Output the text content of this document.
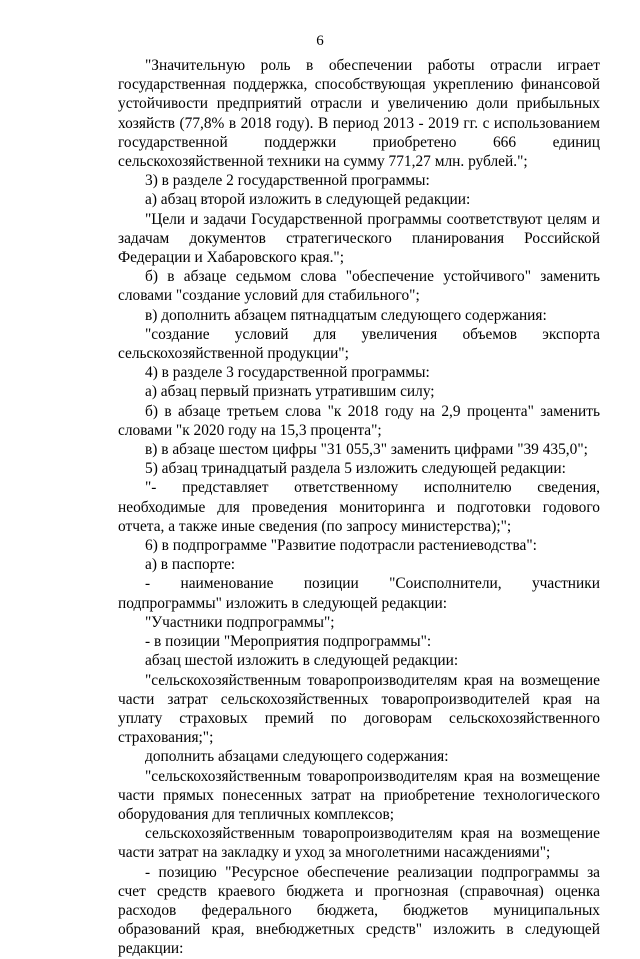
6

"Значительную роль в обеспечении работы отрасли играет государственная поддержка, способствующая укреплению финансовой устойчивости предприятий отрасли и увеличению доли прибыльных хозяйств (77,8% в 2018 году). В период 2013 - 2019 гг. с использованием государственной поддержки приобретено 666 единиц сельскохозяйственной техники на сумму 771,27 млн. рублей.";

3) в разделе 2 государственной программы:

а) абзац второй изложить в следующей редакции:

"Цели и задачи Государственной программы соответствуют целям и задачам документов стратегического планирования Российской Федерации и Хабаровского края.";

б) в абзаце седьмом слова "обеспечение устойчивого" заменить словами "создание условий для стабильного";

в) дополнить абзацем пятнадцатым следующего содержания:

"создание условий для увеличения объемов экспорта сельскохозяйственной продукции";

4) в разделе 3 государственной программы:

а) абзац первый признать утратившим силу;

б) в абзаце третьем слова "к 2018 году на 2,9 процента" заменить словами "к 2020 году на 15,3 процента";

в) в абзаце шестом цифры "31 055,3" заменить цифрами "39 435,0";

5) абзац тринадцатый раздела 5 изложить следующей редакции:

"- представляет ответственному исполнителю сведения, необходимые для проведения мониторинга и подготовки годового отчета, а также иные сведения (по запросу министерства);";

6) в подпрограмме "Развитие подотрасли растениеводства":

а) в паспорте:

- наименование позиции "Соисполнители, участники подпрограммы" изложить в следующей редакции:

"Участники подпрограммы";

- в позиции "Мероприятия подпрограммы":

абзац шестой изложить в следующей редакции:

"сельскохозяйственным товаропроизводителям края на возмещение части затрат сельскохозяйственных товаропроизводителей края на уплату страховых премий по договорам сельскохозяйственного страхования;";

дополнить абзацами следующего содержания:

"сельскохозяйственным товаропроизводителям края на возмещение части прямых понесенных затрат на приобретение технологического оборудования для тепличных комплексов;

сельскохозяйственным товаропроизводителям края на возмещение части затрат на закладку и уход за многолетними насаждениями";

- позицию "Ресурсное обеспечение реализации подпрограммы за счет средств краевого бюджета и прогнозная (справочная) оценка расходов федерального бюджета, бюджетов муниципальных образований края, внебюджетных средств" изложить в следующей редакции:
